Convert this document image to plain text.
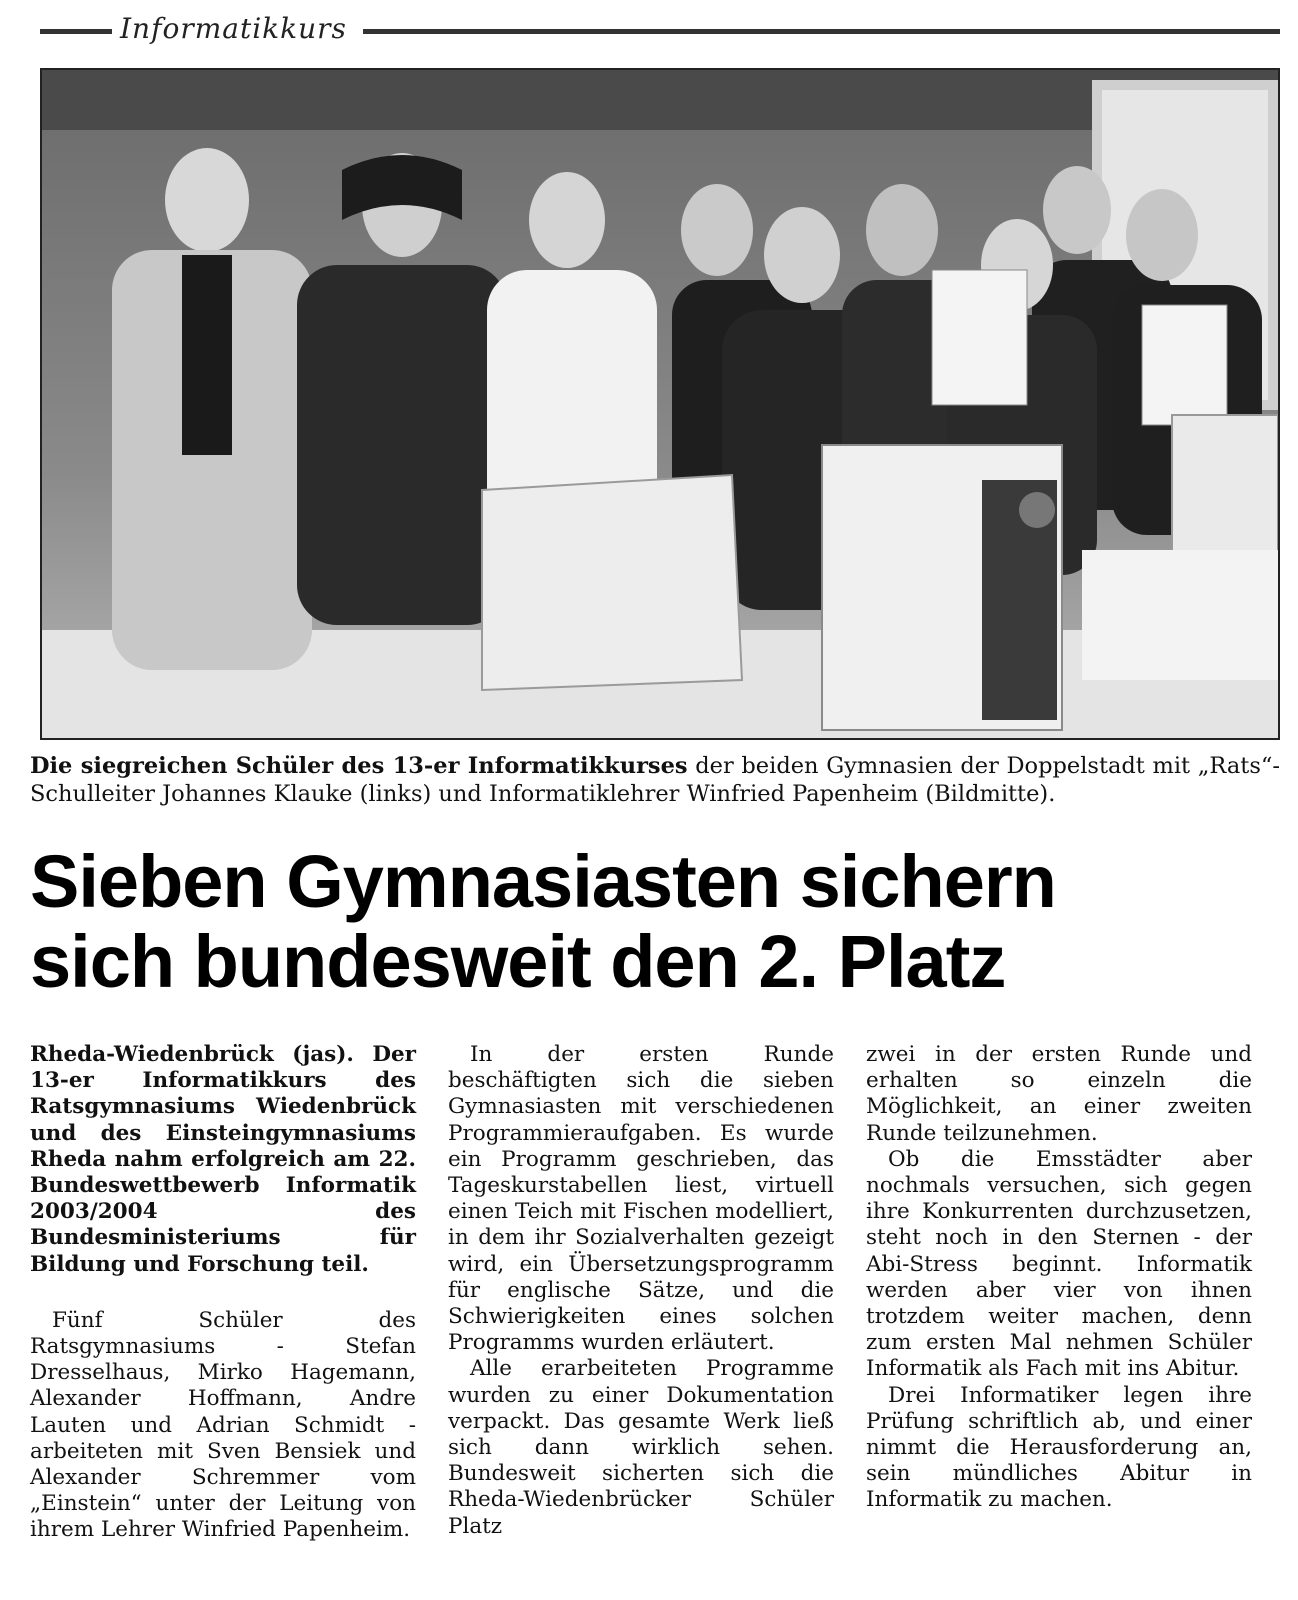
Informatikkurs

Die siegreichen Schüler des 13-er Informatikkurses der beiden Gymnasien der Doppelstadt mit „Rats“-Schulleiter Johannes Klauke (links) und Informatiklehrer Winfried Papenheim (Bildmitte).

Sieben Gymnasiasten sichern
sich bundesweit den 2. Platz

Rheda-Wiedenbrück (jas). Der 13-er Informatikkurs des Ratsgymnasiums Wiedenbrück und des Einsteingymnasiums Rheda nahm erfolgreich am 22. Bundeswettbewerb Informatik 2003/2004 des Bundesministeriums für Bildung und Forschung teil.

Fünf Schüler des Ratsgymnasiums - Stefan Dresselhaus, Mirko Hagemann, Alexander Hoffmann, Andre Lauten und Adrian Schmidt - arbeiteten mit Sven Bensiek und Alexander Schremmer vom „Einstein“ unter der Leitung von ihrem Lehrer Winfried Papenheim.

In der ersten Runde beschäftigten sich die sieben Gymnasiasten mit verschiedenen Programmieraufgaben. Es wurde ein Programm geschrieben, das Tageskurstabellen liest, virtuell einen Teich mit Fischen modelliert, in dem ihr Sozialverhalten gezeigt wird, ein Übersetzungsprogramm für englische Sätze, und die Schwierigkeiten eines solchen Programms wurden erläutert.

Alle erarbeiteten Programme wurden zu einer Dokumentation verpackt. Das gesamte Werk ließ sich dann wirklich sehen. Bundesweit sicherten sich die Rheda-Wiedenbrücker Schüler Platz

zwei in der ersten Runde und erhalten so einzeln die Möglichkeit, an einer zweiten Runde teilzunehmen.

Ob die Emsstädter aber nochmals versuchen, sich gegen ihre Konkurrenten durchzusetzen, steht noch in den Sternen - der Abi-Stress beginnt. Informatik werden aber vier von ihnen trotzdem weiter machen, denn zum ersten Mal nehmen Schüler Informatik als Fach mit ins Abitur.

Drei Informatiker legen ihre Prüfung schriftlich ab, und einer nimmt die Herausforderung an, sein mündliches Abitur in Informatik zu machen.
